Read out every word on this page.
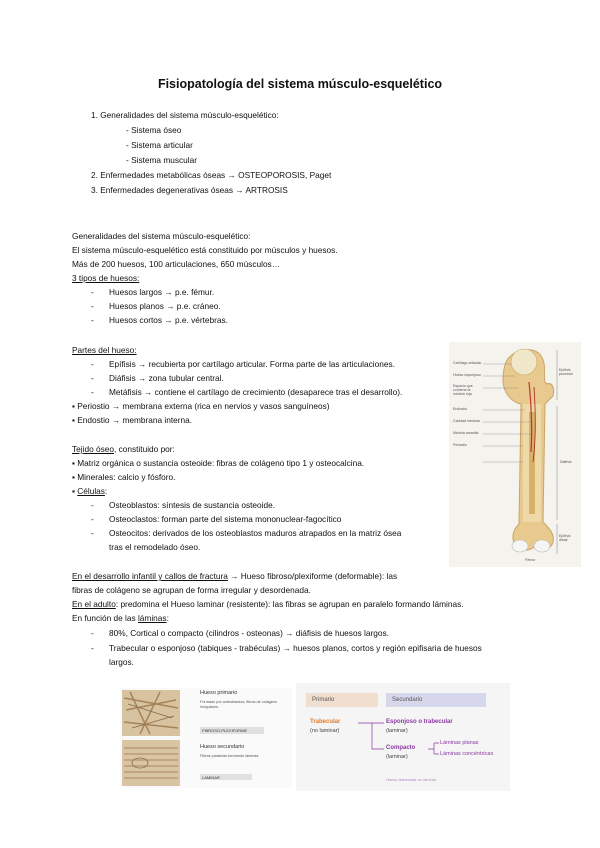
Fisiopatología del sistema músculo-esquelético
1. Generalidades del sistema músculo-esquelético:
- Sistema óseo
- Sistema articular
- Sistema muscular
2. Enfermedades metabólicas óseas → OSTEOPOROSIS, Paget
3. Enfermedades degenerativas óseas → ARTROSIS
Generalidades del sistema músculo-esquelético:
El sistema músculo-esquelético está constituido por músculos y huesos.
Más de 200 huesos, 100 articulaciones, 650 músculos…
3 tipos de huesos:
- Huesos largos → p.e. fémur.
- Huesos planos → p.e. cráneo.
- Huesos cortos → p.e. vértebras.
Partes del hueso:
- Epífisis → recubierta por cartílago articular. Forma parte de las articulaciones.
- Diáfisis → zona tubular central.
- Metáfisis → contiene el cartílago de crecimiento (desaparece tras el desarrollo).
▪ Periostio → membrana externa (rica en nervios y vasos sanguíneos)
▪ Endostio → membrana interna.
Tejido óseo, constituido por:
▪ Matriz orgánica o sustancia osteoide: fibras de colágeno tipo 1 y osteocalcina.
▪ Minerales: calcio y fósforo.
▪ Células:
- Osteoblastos: síntesis de sustancia osteoide.
- Osteoclastos: forman parte del sistema mononuclear-fagocítico
- Osteocitos: derivados de los osteoblastos maduros atrapados en la matriz ósea
tras el remodelado óseo.
En el desarrollo infantil y callos de fractura → Hueso fibroso/plexiforme (deformable): las
fibras de colágeno se agrupan de forma irregular y desordenada.
En el adulto: predomina el Hueso laminar (resistente): las fibras se agrupan en paralelo formando láminas.
En función de las láminas:
- 80%, Cortical o compacto (cilindros - osteonas) → diáfisis de huesos largos.
- Trabecular o esponjoso (tabiques - trabéculas) → huesos planos, cortos y región epifisaria de huesos
largos.
Cartílago articular
Hueso esponjoso
Espacio que contiene la médula roja
Endostio
Cavidad medular
Médula amarilla
Periostio
Epífisis proximal
Diáfisis
Epífisis distal
Fémur
Hueso primario
Formado por osteoblastos; fibras de colágeno irregulares.
FIBROSO-PLEXIFORME
Hueso secundario
Fibras paralelas formando láminas.
LAMINAR
Primario	Secundario
Trabecular
(no laminar)
Esponjoso o trabecular
(laminar)
Compacto
(laminar)
Láminas planas
Láminas concéntricas
Hueso trabecular no laminar
